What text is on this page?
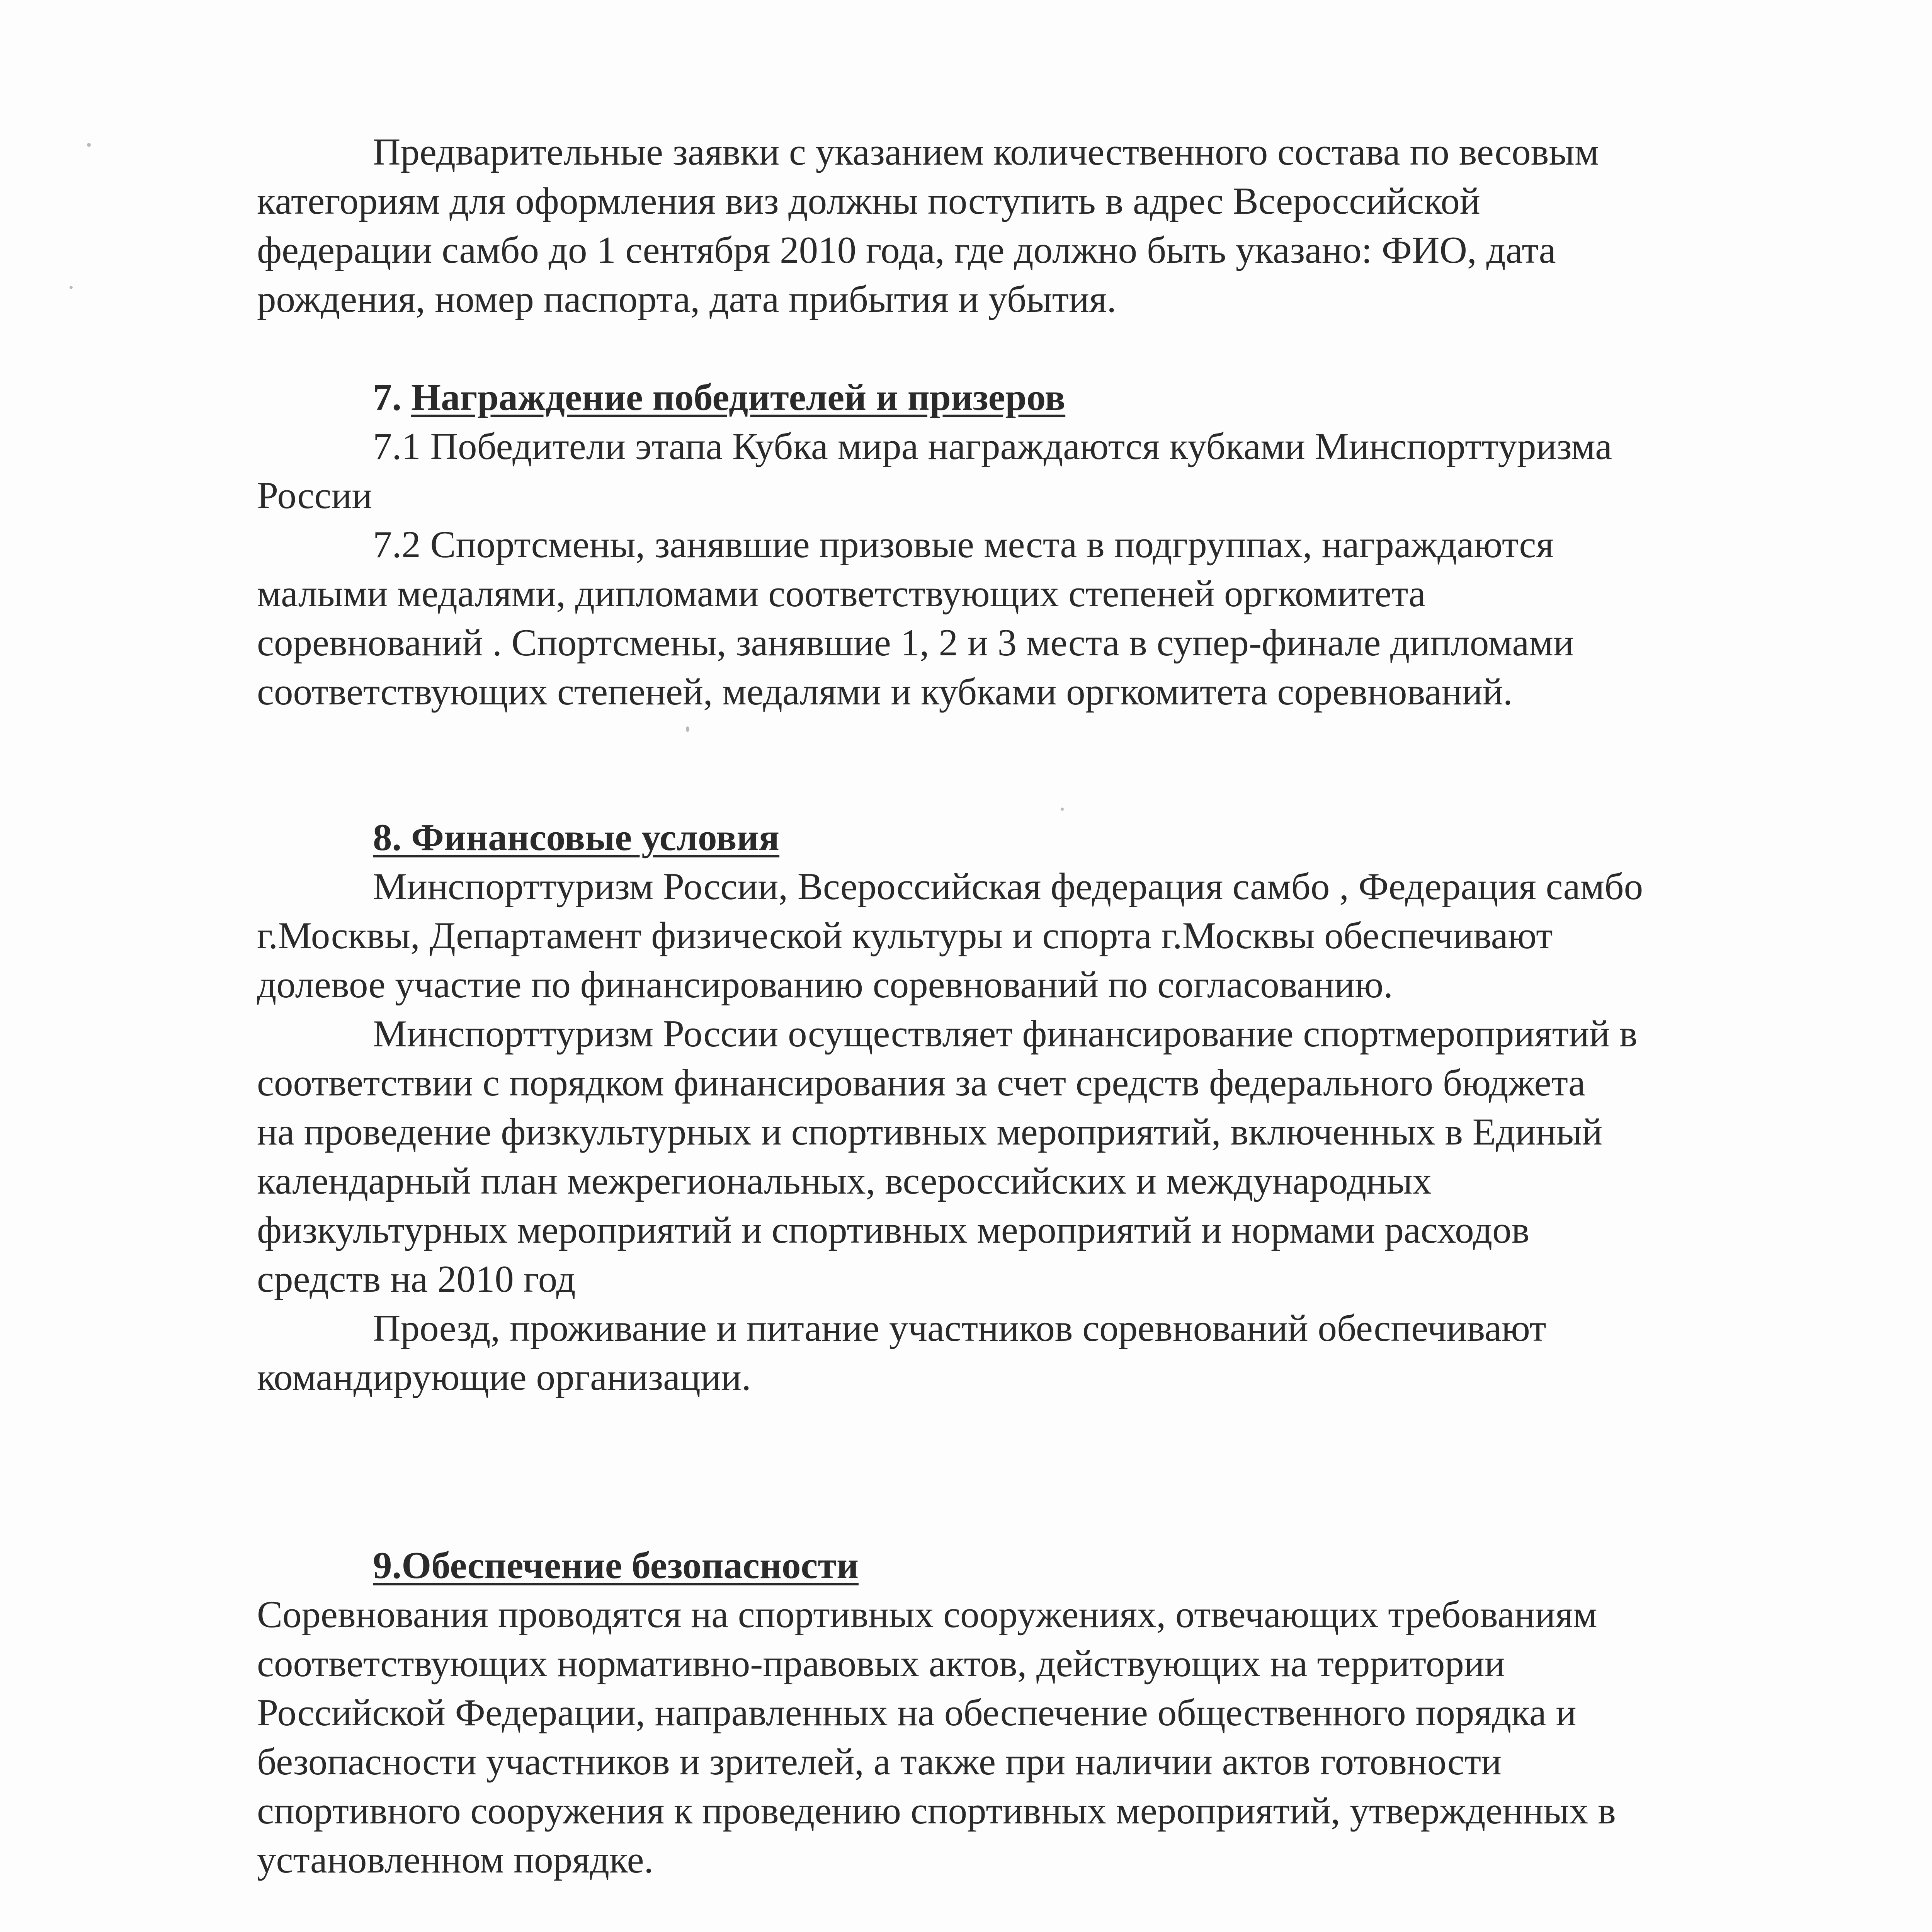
Предварительные заявки с указанием количественного состава по весовым
категориям для оформления виз должны поступить в адрес Всероссийской
федерации самбо до 1 сентября 2010 года, где должно быть указано: ФИО, дата
рождения, номер паспорта, дата прибытия и убытия.
7. Награждение победителей и призеров
7.1 Победители этапа Кубка мира награждаются кубками Минспорттуризма
России
7.2 Спортсмены, занявшие призовые места в подгруппах, награждаются
малыми медалями, дипломами соответствующих степеней оргкомитета
соревнований . Спортсмены, занявшие 1, 2 и 3 места в супер-финале дипломами
соответствующих степеней, медалями и кубками оргкомитета соревнований.
8. Финансовые условия
Минспорттуризм России, Всероссийская федерация самбо , Федерация самбо
г.Москвы, Департамент физической культуры и спорта г.Москвы обеспечивают
долевое участие по финансированию соревнований по согласованию.
Минспорттуризм России осуществляет финансирование спортмероприятий в
соответствии с порядком финансирования за счет средств федерального бюджета
на проведение физкультурных и спортивных мероприятий, включенных в Единый
календарный план межрегиональных, всероссийских и международных
физкультурных мероприятий и спортивных мероприятий и нормами расходов
средств на 2010 год
Проезд, проживание и питание участников соревнований обеспечивают
командирующие организации.
9.Обеспечение безопасности
Соревнования проводятся на спортивных сооружениях, отвечающих требованиям
соответствующих нормативно-правовых актов, действующих на территории
Российской Федерации, направленных на обеспечение общественного порядка и
безопасности участников и зрителей, а также при наличии актов готовности
спортивного сооружения к проведению спортивных мероприятий, утвержденных в
установленном порядке.
